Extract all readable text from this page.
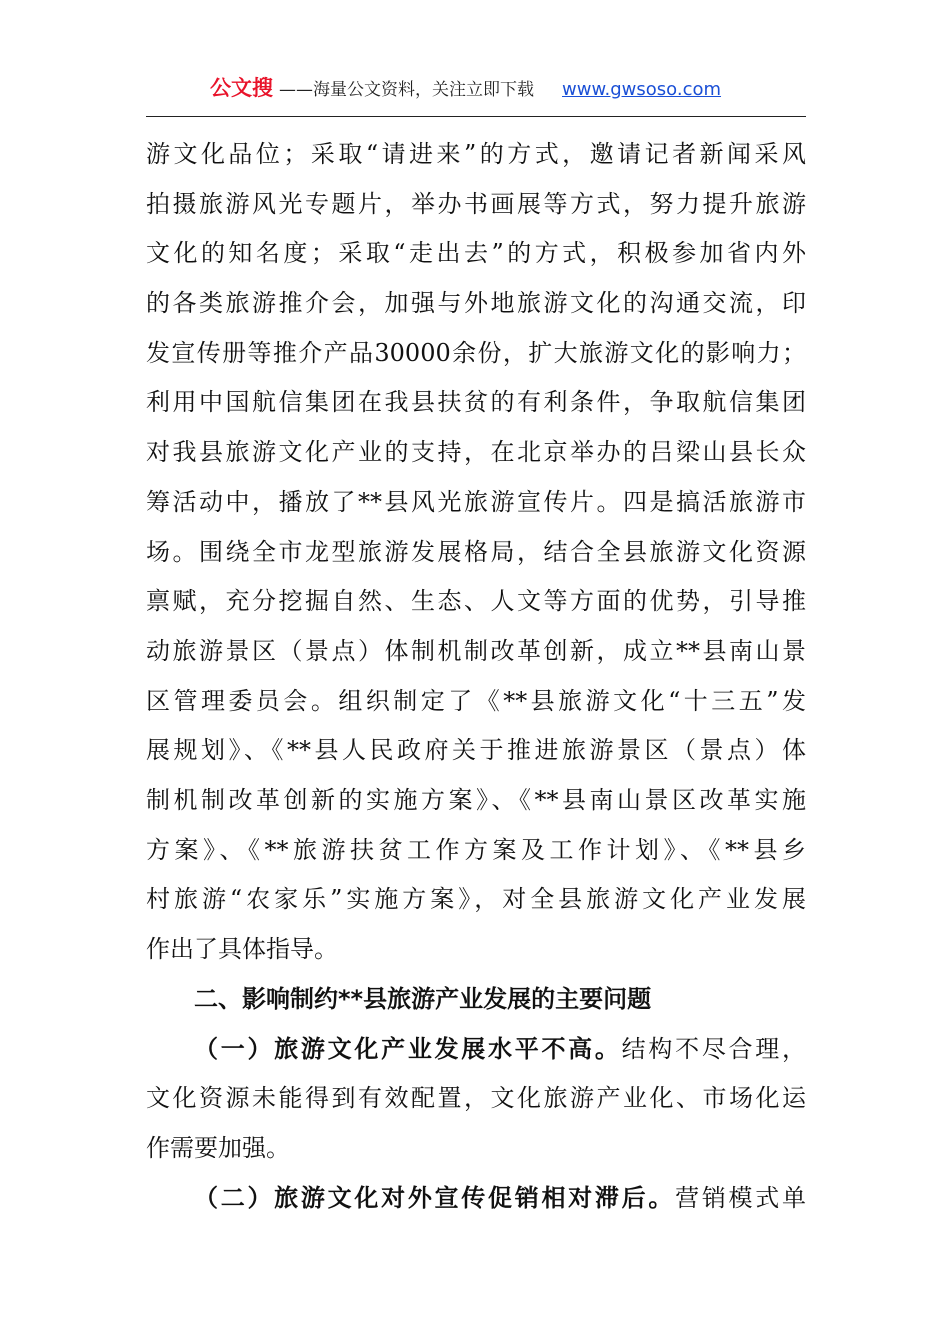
公文搜 ——海量公文资料，关注立即下载 www.gwsoso.com
游文化品位；采取“请进来”的方式，邀请记者新闻采风
拍摄旅游风光专题片，举办书画展等方式，努力提升旅游
文化的知名度；采取“走出去”的方式，积极参加省内外
的各类旅游推介会，加强与外地旅游文化的沟通交流，印
发宣传册等推介产品30000余份，扩大旅游文化的影响力；
利用中国航信集团在我县扶贫的有利条件，争取航信集团
对我县旅游文化产业的支持，在北京举办的吕梁山县长众
筹活动中，播放了**县风光旅游宣传片。四是搞活旅游市
场。围绕全市龙型旅游发展格局，结合全县旅游文化资源
禀赋，充分挖掘自然、生态、人文等方面的优势，引导推
动旅游景区（景点）体制机制改革创新，成立**县南山景
区管理委员会。组织制定了《**县旅游文化“十三五”发
展规划》、《**县人民政府关于推进旅游景区（景点）体
制机制改革创新的实施方案》、《**县南山景区改革实施
方案》、《**旅游扶贫工作方案及工作计划》、《**县乡
村旅游“农家乐”实施方案》，对全县旅游文化产业发展
作出了具体指导。
二、影响制约**县旅游产业发展的主要问题
（一）旅游文化产业发展水平不高。结构不尽合理，
文化资源未能得到有效配置，文化旅游产业化、市场化运
作需要加强。
（二）旅游文化对外宣传促销相对滞后。营销模式单
